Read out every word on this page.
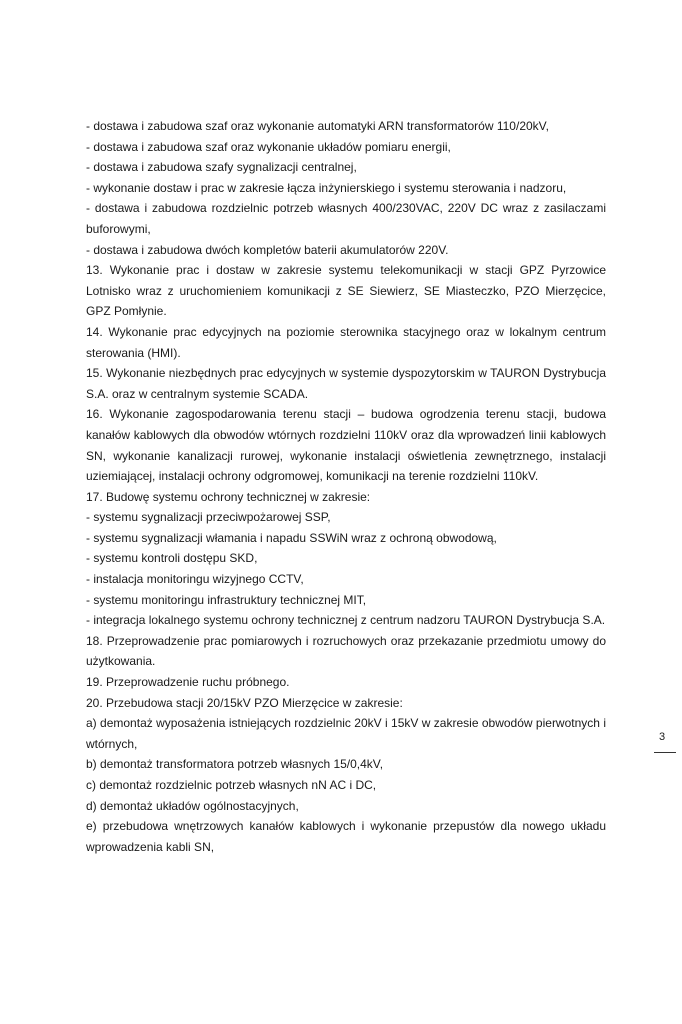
- dostawa i zabudowa szaf oraz wykonanie automatyki ARN transformatorów 110/20kV,

- dostawa i zabudowa szaf oraz wykonanie układów pomiaru energii,

- dostawa i zabudowa szafy sygnalizacji centralnej,

- wykonanie dostaw i prac w zakresie łącza inżynierskiego i systemu sterowania i nadzoru,

- dostawa i zabudowa rozdzielnic potrzeb własnych 400/230VAC, 220V DC wraz z zasilaczami buforowymi,

- dostawa i zabudowa dwóch kompletów baterii akumulatorów 220V.

13. Wykonanie prac i dostaw w zakresie systemu telekomunikacji w stacji GPZ Pyrzowice Lotnisko wraz z uruchomieniem komunikacji z SE Siewierz, SE Miasteczko, PZO Mierzęcice, GPZ Pomłynie.

14. Wykonanie prac edycyjnych na poziomie sterownika stacyjnego oraz w lokalnym centrum sterowania (HMI).

15. Wykonanie niezbędnych prac edycyjnych w systemie dyspozytorskim w TAURON Dystrybucja S.A. oraz w centralnym systemie SCADA.

16. Wykonanie zagospodarowania terenu stacji – budowa ogrodzenia terenu stacji, budowa kanałów kablowych dla obwodów wtórnych rozdzielni 110kV oraz dla wprowadzeń linii kablowych SN, wykonanie kanalizacji rurowej, wykonanie instalacji oświetlenia zewnętrznego, instalacji uziemiającej, instalacji ochrony odgromowej, komunikacji na terenie rozdzielni 110kV.

17. Budowę systemu ochrony technicznej w zakresie:

- systemu sygnalizacji przeciwpożarowej SSP,

- systemu sygnalizacji włamania i napadu SSWiN wraz z ochroną obwodową,

- systemu kontroli dostępu SKD,

- instalacja monitoringu wizyjnego CCTV,

- systemu monitoringu infrastruktury technicznej MIT,

- integracja lokalnego systemu ochrony technicznej z centrum nadzoru TAURON Dystrybucja S.A.

18. Przeprowadzenie prac pomiarowych i rozruchowych oraz przekazanie przedmiotu umowy do użytkowania.

19. Przeprowadzenie ruchu próbnego.

20. Przebudowa stacji 20/15kV PZO Mierzęcice w zakresie:

a) demontaż wyposażenia istniejących rozdzielnic 20kV i 15kV w zakresie obwodów pierwotnych i wtórnych,

b) demontaż transformatora potrzeb własnych 15/0,4kV,

c) demontaż rozdzielnic potrzeb własnych nN AC i DC,

d) demontaż układów ogólnostacyjnych,

e) przebudowa wnętrzowych kanałów kablowych i wykonanie przepustów dla nowego układu wprowadzenia kabli SN,

3
